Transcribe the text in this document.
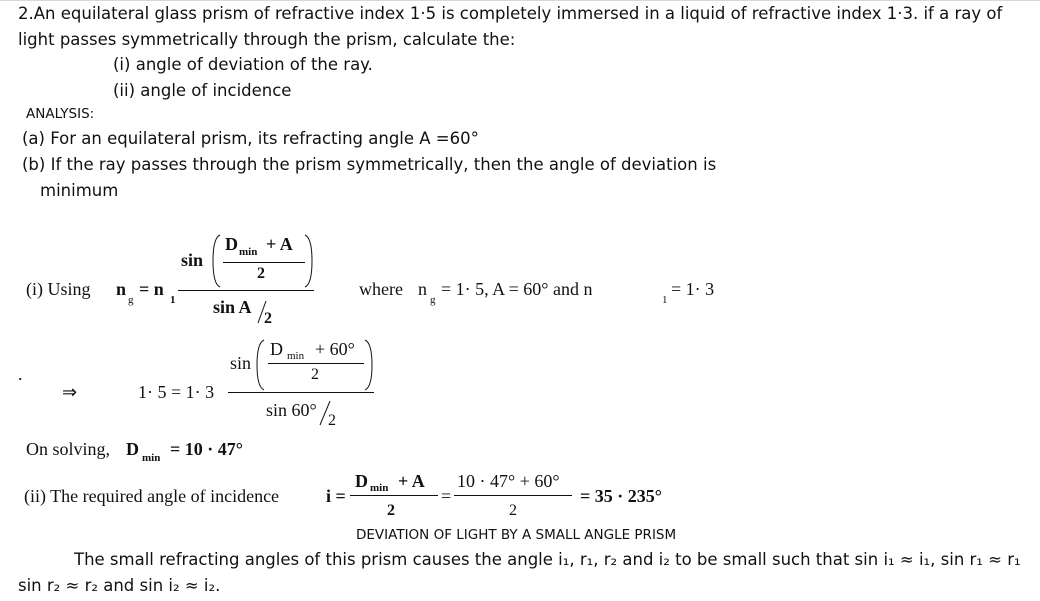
2.An equilateral glass prism of refractive index 1·5 is completely immersed in a liquid of refractive index 1·3. if a ray of
light passes symmetrically through the prism, calculate the:
(i) angle of deviation of the ray.
(ii) angle of incidence
ANALYSIS:
(a) For an equilateral prism, its refracting angle A =60°
(b) If the ray passes through the prism symmetrically, then the angle of deviation is
minimum
(i) Using n
g
= n
1
sin
D min + A
2
sin A
2
where n
g
= 1· 5, A = 60° and n
1
= 1· 3
.
⇒	1· 5 = 1· 3
sin
D min + 60°
2
sin 60°
2
On solving, D min = 10 · 47°
(ii) The required angle of incidence	i =
D min + A
2
=
10 · 47° + 60°
2
= 35 · 235°
DEVIATION OF LIGHT BY A SMALL ANGLE PRISM
The small refracting angles of this prism causes the angle i₁, r₁, r₂ and i₂ to be small such that sin i₁ ≈ i₁, sin r₁ ≈ r₁
sin r₂ ≈ r₂ and sin i₂ ≈ i₂.
